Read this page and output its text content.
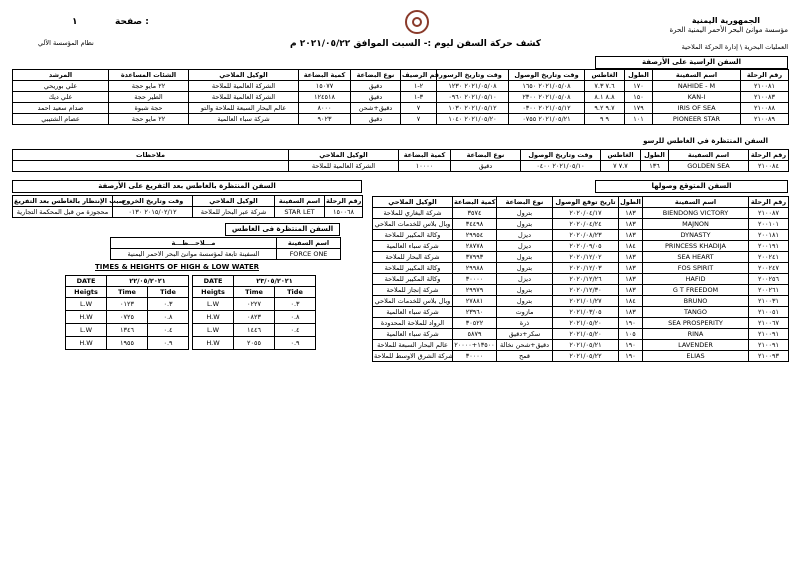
الجمهورية اليمنية
مؤسسة موانئ البحر الأحمر اليمنية الحرة
صفحة :
١
كشف حركة السفن ليوم :- السبت الموافق ٢٠٢١/٠٥/٢٢ م	العمليات البحرية \ إدارة الحركة الملاحية
نظام المؤسسة الآلي
السفن الراسية على الأرصفة
المرشد	الشئات المساعدة	الوكيل الملاحي	كمية البضاعة	نوع البضاعة	رقم الرصيف	وقت وتاريخ الرسو	وقت وتاريخ الوصول	الغاطس	الطول	اسم السفينة	رقم الرحلة
علي بوريحي	٢٢ مايو حجة	الشركة العالمية للملاحة	١٥٠٧٧	دقيق	٢-١	٢٠٢١/٠٥/٠٨ ١٢٣٠	٢٠٢١/٠٥/٠٨ ١٦٥٠	٧.٦ ٧.٣	١٧٠	NAHIDE - M	٢١٠٠٨١
علي ديك	الطير حجة	الشركة العالمية للملاحة	١٢٤٥١٨	دقيق	٣-١	٢٠٢١/٠٥/١٠ ٠٩٦٠	٢٠٢١/٠٥/٠٨ ٢٣٠٠	٨.٨ ٨.١	١٥٠	KAN-I	٢١٠٠٨٣
صدام سعيد احمد	حجة شبوة	عالم البحار السبعة للملاحة والتو	٨٠٠٠	دقيق+شحن	٧	٢٠٢١/٠٥/١٢ ١٠٣٠	٢٠٢١/٠٥/١٢ ٠٣٠٠	٩.٧ ٩.٢	١٧٩	IRIS OF SEA	٢١٠٠٨٨
عصام الشتيبي	٢٢ مايو حجة	شركة سباء العالمية	٩٠٢٣	دقيق	٧	٢٠٢١/٠٥/٢٠ ١٠٤٠	٢٠٢١/٠٥/٢١ ٠٧٥٥	٩ ٩	١٠١	PIONEER STAR	٢١٠٠٨٩
السفن المنتظرة في الغاطس للرسو
ملاحظات	الوكيل الملاحي	كمية البضاعة	نوع البضاعة	وقت وتاريخ الوصول	الغاطس	الطول	اسم السفينة	رقم الرحلة
	الشركة العالمية للملاحة	١٠٠٠٠	دقيق	٢٠٢١/٠٥/١٠ ٠٤٠٠	٧.٧ ٧	١٣٦	GOLDEN SEA	٢١٠٠٨٤
السفن المنتظرة بالغاطس بعد التفريغ على الأرصفة
سبب الإنتظار بالغاطس بعد التفريغ	وقت وتاريخ الخروج	الوكيل الملاحي	اسم السفينة	رقم الرحلة
محجوزة من قبل المحكمة التجارية	٢٠١٥/٠٢/١٢ ٠١٣٠	شركة عبر البحار للملاحة	STAR LET	١٥٠٠٦٨
السفن المتوقع وصولها
الوكيل الملاحي	كمية البضاعة	نوع البضاعة	تاريخ توقع الوصول	الطول	اسم السفينة	رقم الرحلة
شركة البغاري للملاحة	٣٥٧٤	بترول	٢٠٢٠/٠٤/١٧	١٨٣	BIENDONG VICTORY	٢١٠٠٨٧
وبال بلاس للخدمات الملاحي	٣٤٤٩٨	بترول	٢٠٢٠/٠٤/٢٤	١٨٣	MAJNON	٢٠٠١٠١
وكالة المكيبر للملاحة	٢٩٩٥٤	ديزل	٢٠٢٠/٠٨/٢٣	١٨٣	DYNASTY	٢٠٠١٨١
شركة سباء العالمية	٢٨٧٧٨	ديزل	٢٠٢٠/٠٩/٠٥	١٨٤	PRINCESS KHADIJA	٢٠٠١٩١
شركة البحار للملاحة	٣٧٩٩٣	بترول	٢٠٢٠/١٢/٠٢	١٨٣	SEA HEART	٢٠٠٢٤١
وكالة المكيبر للملاحة	٢٩٩٨٨	بترول	٢٠٢٠/١٢/٠٣	١٨٣	FOS SPIRIT	٢٠٠٢٤٧
وكالة المكيبر للملاحة	٣٠٠٠٠	ديزل	٢٠٢٠/١٢/٢٦	١٨٣	HAFID	٢٠٠٢٥٦
شركة إنجاز للملاحة	٢٩٩٧٩	بترول	٢٠٢٠/١٢/٣٠	١٨٣	G T FREEDOM	٢٠٠٢٦١
وبال بلاس للخدمات الملاحي	٢٧٨٨١	بترول	٢٠٢١/٠١/٢٧	١٨٤	BRUNO	٢١٠٠٣١
شركة سباء العالمية	٢٣٩٦٠	مازوت	٢٠٢١/٠٣/٠٥	١٨٣	TANGO	٢١٠٠٥١
الرواد للملاحة المحدودة	٣٠٥٢٢	ذرة	٢٠٢١/٠٥/٢٠	١٩٠	SEA PROSPERITY	٢١٠٠٦٧
شركة سباء العالمية	٥٨٧٩	سكر+دقيق	٢٠٢١/٠٥/٢٠	١٠٥	RINA	٢١٠٠٩١
عالم البحار السبعة للملاحة	١٣٥٠٠+٢٠٠٠٠	دقيق+شحن نخالة	٢٠٢١/٠٥/٢١	١٩٠	LAVENDER	٢١٠٠٩١
شركة الشرق الاوسط للملاحة	٣٠٠٠٠	قمح	٢٠٢١/٠٥/٢٢	١٩٠	ELIAS	٢١٠٠٩٣
السفن المنتظرة فى الغاطس
مـــلاحـــظـــة	اسم السفينة
السفينة تابعة لمؤسسة موانئ البحر الاحمر اليمنية	FORCE ONE
TIMES & HEIGHTS OF HIGH & LOW WATER
DATE	٢٢/٠٥/٢٠٢١	
Heigts	Time	Tide
L.W	٠١٢٣	٠.٣
H.W	٠٧٢٥	٠.٨
L.W	١٣٤٦	٠.٤
H.W	١٩٥٥	٠.٩
DATE	٢٣/٠٥/٢٠٢١	
Heigts	Time	Tide
L.W	٠٢٢٧	٠.٣
H.W	٠٨٢٣	٠.٨
L.W	١٤٤٦	٠.٤
H.W	٢٠٥٥	٠.٩
